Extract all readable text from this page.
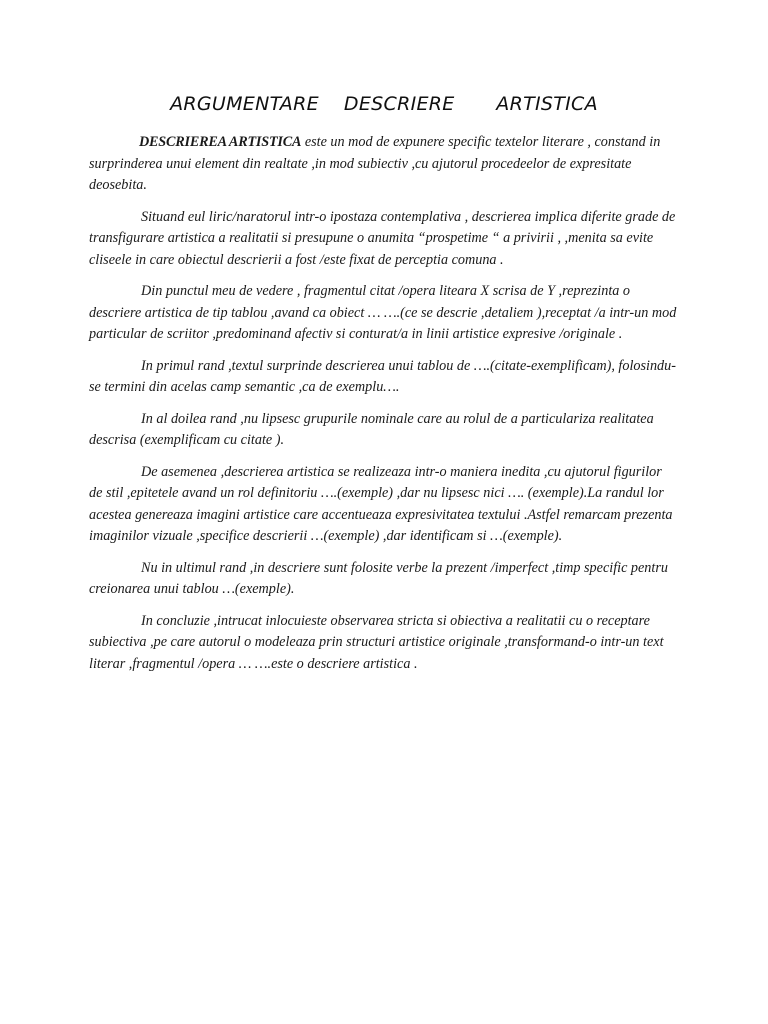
ARGUMENTARE   DESCRIERE     ARTISTICA

DESCRIEREA ARTISTICA este un mod de expunere specific textelor literare , constand in surprinderea unui element din realtate ,in mod subiectiv ,cu ajutorul procedeelor de expresitate deosebita.

Situand eul liric/naratorul intr-o ipostaza contemplativa , descrierea implica diferite grade de transfigurare artistica a realitatii si presupune o anumita “prospetime “ a privirii , ,menita sa evite cliseele in care obiectul descrierii a fost /este fixat de perceptia comuna .

Din punctul meu de vedere , fragmentul citat /opera liteara X scrisa de Y ,reprezinta o descriere artistica de tip tablou ,avand ca obiect … ….(ce se descrie ,detaliem ),receptat /a intr-un mod particular de scriitor ,predominand afectiv si conturat/a in linii artistice expresive /originale .

In primul rand ,textul surprinde descrierea unui tablou de ….(citate-exemplificam), folosindu-se termini din acelas camp semantic ,ca de exemplu….

In al doilea rand ,nu lipsesc grupurile nominale care au rolul de a particulariza realitatea descrisa (exemplificam cu citate ).

De asemenea ,descrierea artistica se realizeaza intr-o maniera inedita ,cu ajutorul figurilor de stil ,epitetele avand un rol definitoriu ….(exemple) ,dar nu lipsesc nici …. (exemple).La randul lor acestea genereaza imagini artistice care accentueaza expresivitatea textului .Astfel remarcam prezenta imaginilor vizuale ,specifice descrierii …(exemple) ,dar identificam si …(exemple).

Nu in ultimul rand ,in descriere sunt folosite verbe la prezent /imperfect ,timp specific pentru creionarea unui tablou …(exemple).

In concluzie ,intrucat inlocuieste observarea stricta si obiectiva a realitatii cu o receptare subiectiva ,pe care autorul o modeleaza prin structuri artistice originale ,transformand-o intr-un text literar ,fragmentul /opera … ….este o descriere artistica .
